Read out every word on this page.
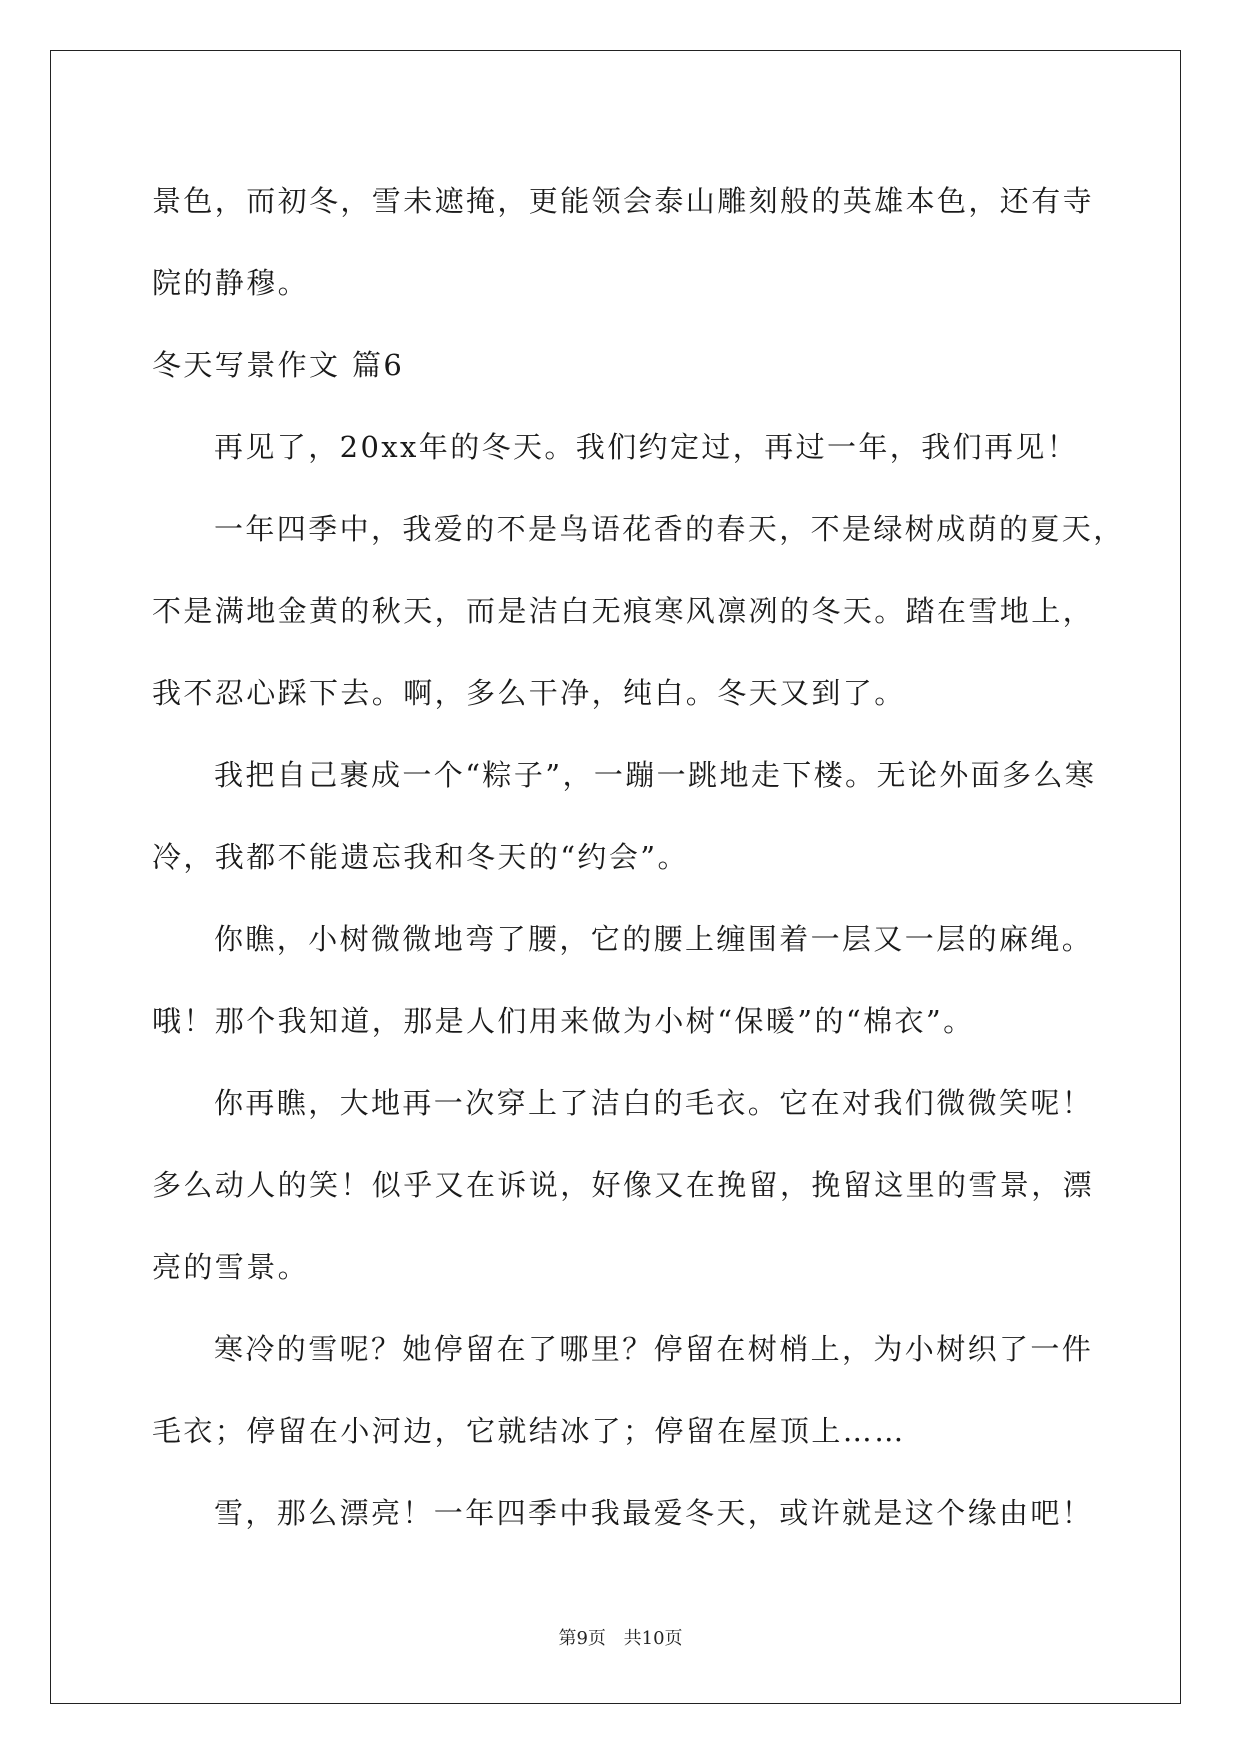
景色，而初冬，雪未遮掩，更能领会泰山雕刻般的英雄本色，还有寺
院的静穆。
冬天写景作文 篇6
再见了，20xx年的冬天。我们约定过，再过一年，我们再见！
一年四季中，我爱的不是鸟语花香的春天，不是绿树成荫的夏天，
不是满地金黄的秋天，而是洁白无痕寒风凛冽的冬天。踏在雪地上，
我不忍心踩下去。啊，多么干净，纯白。冬天又到了。
我把自己裹成一个“粽子”，一蹦一跳地走下楼。无论外面多么寒
冷，我都不能遗忘我和冬天的“约会”。
你瞧，小树微微地弯了腰，它的腰上缠围着一层又一层的麻绳。
哦！那个我知道，那是人们用来做为小树“保暖”的“棉衣”。
你再瞧，大地再一次穿上了洁白的毛衣。它在对我们微微笑呢！
多么动人的笑！似乎又在诉说，好像又在挽留，挽留这里的雪景，漂
亮的雪景。
寒冷的雪呢？她停留在了哪里？停留在树梢上，为小树织了一件
毛衣；停留在小河边，它就结冰了；停留在屋顶上……
雪，那么漂亮！一年四季中我最爱冬天，或许就是这个缘由吧！
第9页 共10页
